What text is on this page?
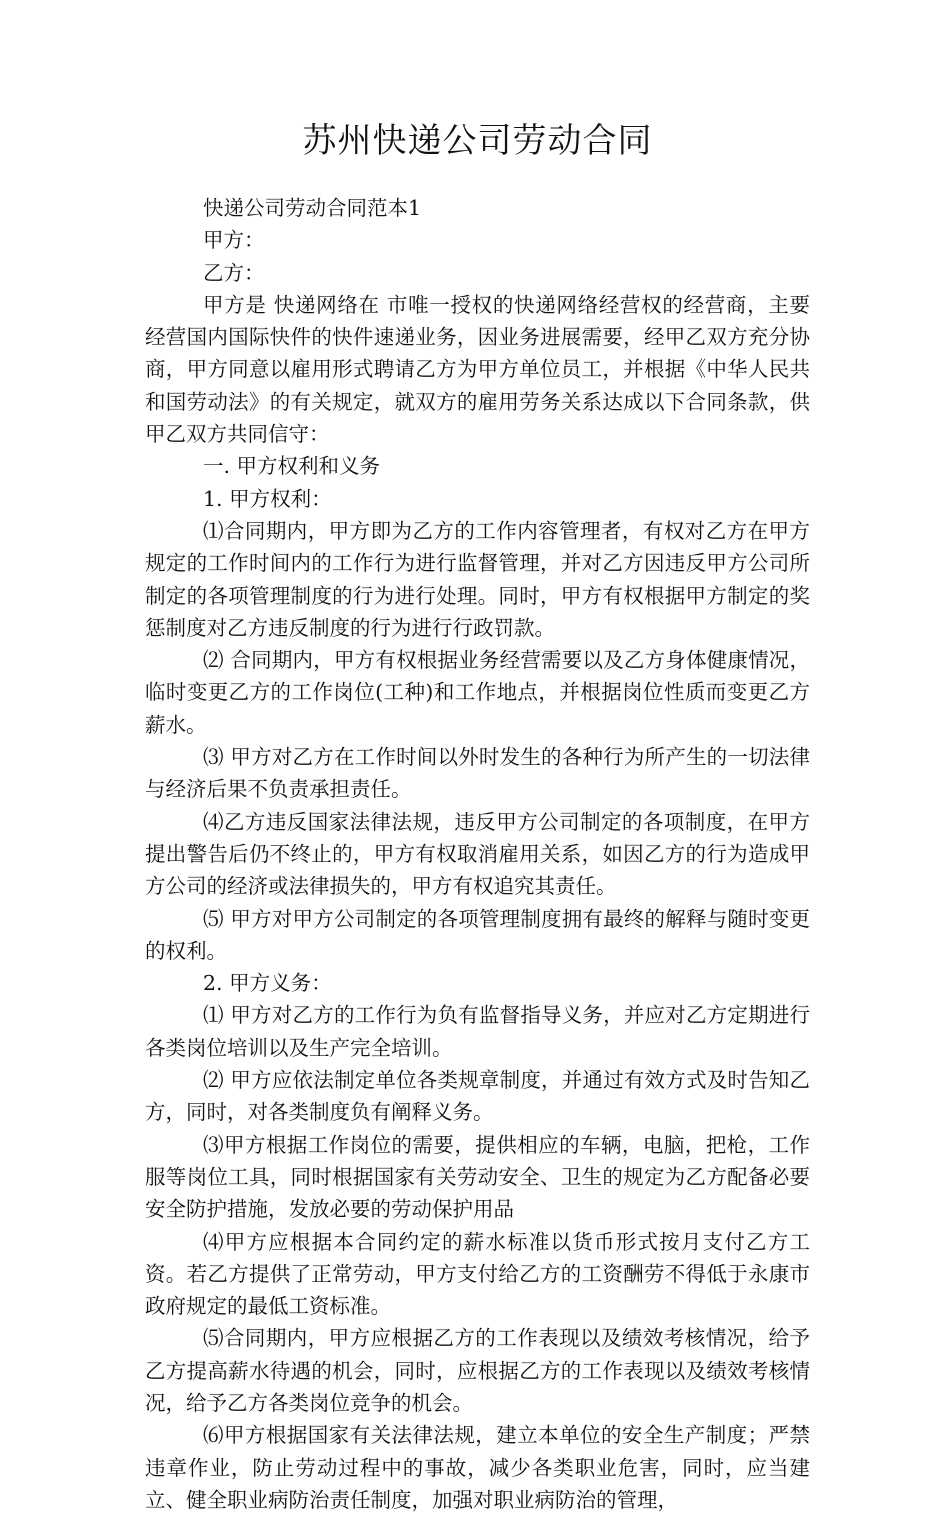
苏州快递公司劳动合同

快递公司劳动合同范本1

甲方：

乙方：

甲方是 快递网络在 市唯一授权的快递网络经营权的经营商，主要经营国内国际快件的快件速递业务，因业务进展需要，经甲乙双方充分协商，甲方同意以雇用形式聘请乙方为甲方单位员工，并根据《中华人民共和国劳动法》的有关规定，就双方的雇用劳务关系达成以下合同条款，供甲乙双方共同信守：

一. 甲方权利和义务

1. 甲方权利：

⑴合同期内，甲方即为乙方的工作内容管理者，有权对乙方在甲方规定的工作时间内的工作行为进行监督管理，并对乙方因违反甲方公司所制定的各项管理制度的行为进行处理。同时，甲方有权根据甲方制定的奖惩制度对乙方违反制度的行为进行行政罚款。

⑵ 合同期内，甲方有权根据业务经营需要以及乙方身体健康情况，临时变更乙方的工作岗位(工种)和工作地点，并根据岗位性质而变更乙方薪水。

⑶ 甲方对乙方在工作时间以外时发生的各种行为所产生的一切法律与经济后果不负责承担责任。

⑷乙方违反国家法律法规，违反甲方公司制定的各项制度，在甲方提出警告后仍不终止的，甲方有权取消雇用关系，如因乙方的行为造成甲方公司的经济或法律损失的，甲方有权追究其责任。

⑸ 甲方对甲方公司制定的各项管理制度拥有最终的解释与随时变更的权利。

2. 甲方义务：

⑴ 甲方对乙方的工作行为负有监督指导义务，并应对乙方定期进行各类岗位培训以及生产完全培训。

⑵ 甲方应依法制定单位各类规章制度，并通过有效方式及时告知乙方，同时，对各类制度负有阐释义务。

⑶甲方根据工作岗位的需要，提供相应的车辆，电脑，把枪，工作服等岗位工具，同时根据国家有关劳动安全、卫生的规定为乙方配备必要安全防护措施，发放必要的劳动保护用品

⑷甲方应根据本合同约定的薪水标准以货币形式按月支付乙方工资。若乙方提供了正常劳动，甲方支付给乙方的工资酬劳不得低于永康市政府规定的最低工资标准。

⑸合同期内，甲方应根据乙方的工作表现以及绩效考核情况，给予乙方提高薪水待遇的机会，同时，应根据乙方的工作表现以及绩效考核情况，给予乙方各类岗位竞争的机会。

⑹甲方根据国家有关法律法规，建立本单位的安全生产制度；严禁违章作业，防止劳动过程中的事故，减少各类职业危害，同时，应当建立、健全职业病防治责任制度，加强对职业病防治的管理，
